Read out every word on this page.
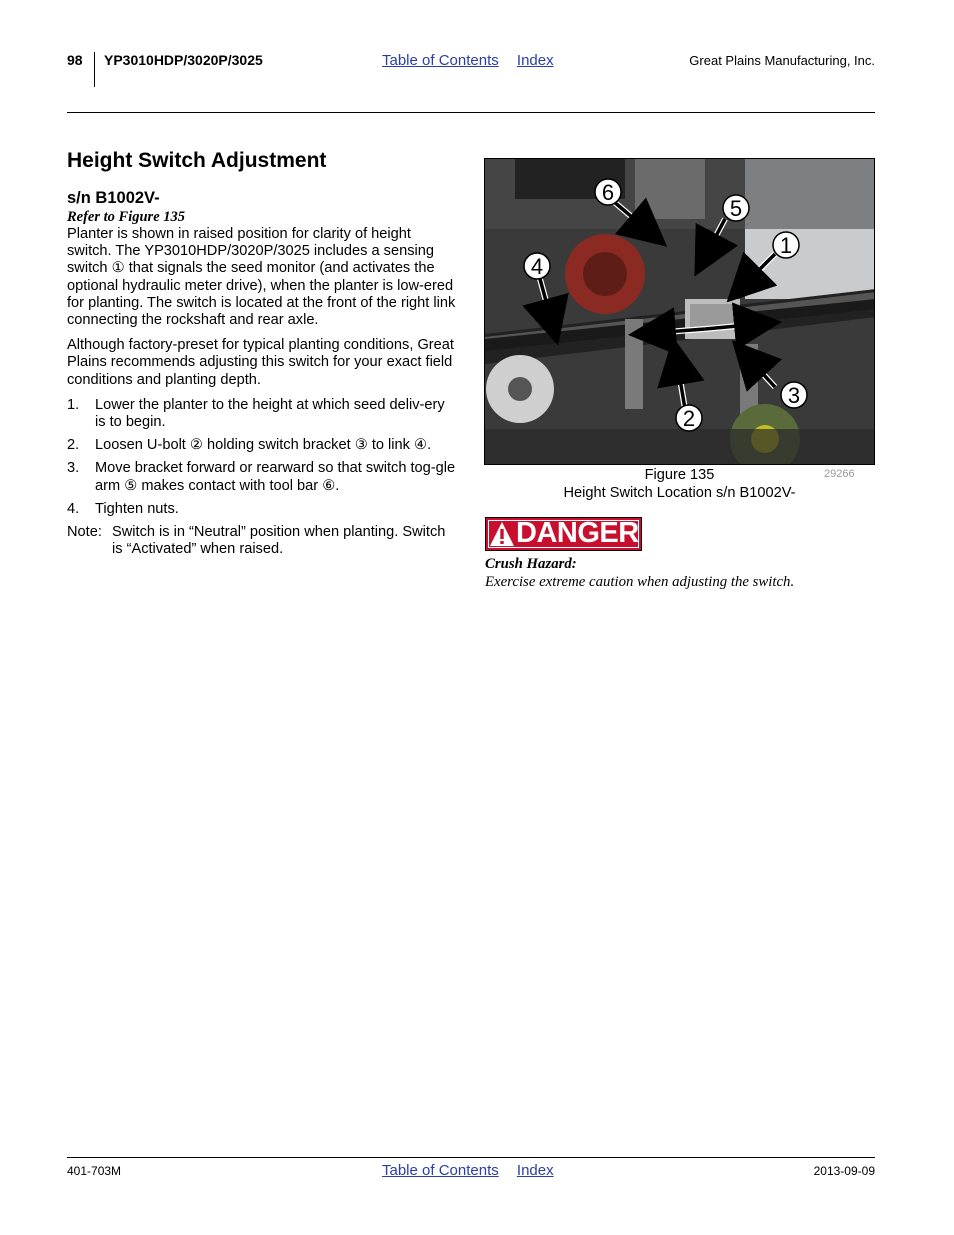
98 YP3010HDP/3020P/3025	Table of Contents Index	Great Plains Manufacturing, Inc.
Height Switch Adjustment
s/n B1002V-
Refer to Figure 135

Planter is shown in raised position for clarity of height switch. The YP3010HDP/3020P/3025 includes a sensing switch ① that signals the seed monitor (and activates the optional hydraulic meter drive), when the planter is low-ered for planting. The switch is located at the front of the right link connecting the rockshaft and rear axle.

Although factory-preset for typical planting conditions, Great Plains recommends adjusting this switch for your exact field conditions and planting depth.

1. Lower the planter to the height at which seed deliv-ery is to begin.
2. Loosen U-bolt ② holding switch bracket ③ to link ④.
3. Move bracket forward or rearward so that switch tog-gle arm ⑤ makes contact with tool bar ⑥.
4. Tighten nuts.
Note: Switch is in “Neutral” position when planting. Switch is “Activated” when raised.
6
5
1
4
3
2
Figure 135
Height Switch Location s/n B1002V-
29266
DANGER
Crush Hazard:
Exercise extreme caution when adjusting the switch.
401-703M	Table of Contents Index	2013-09-09
